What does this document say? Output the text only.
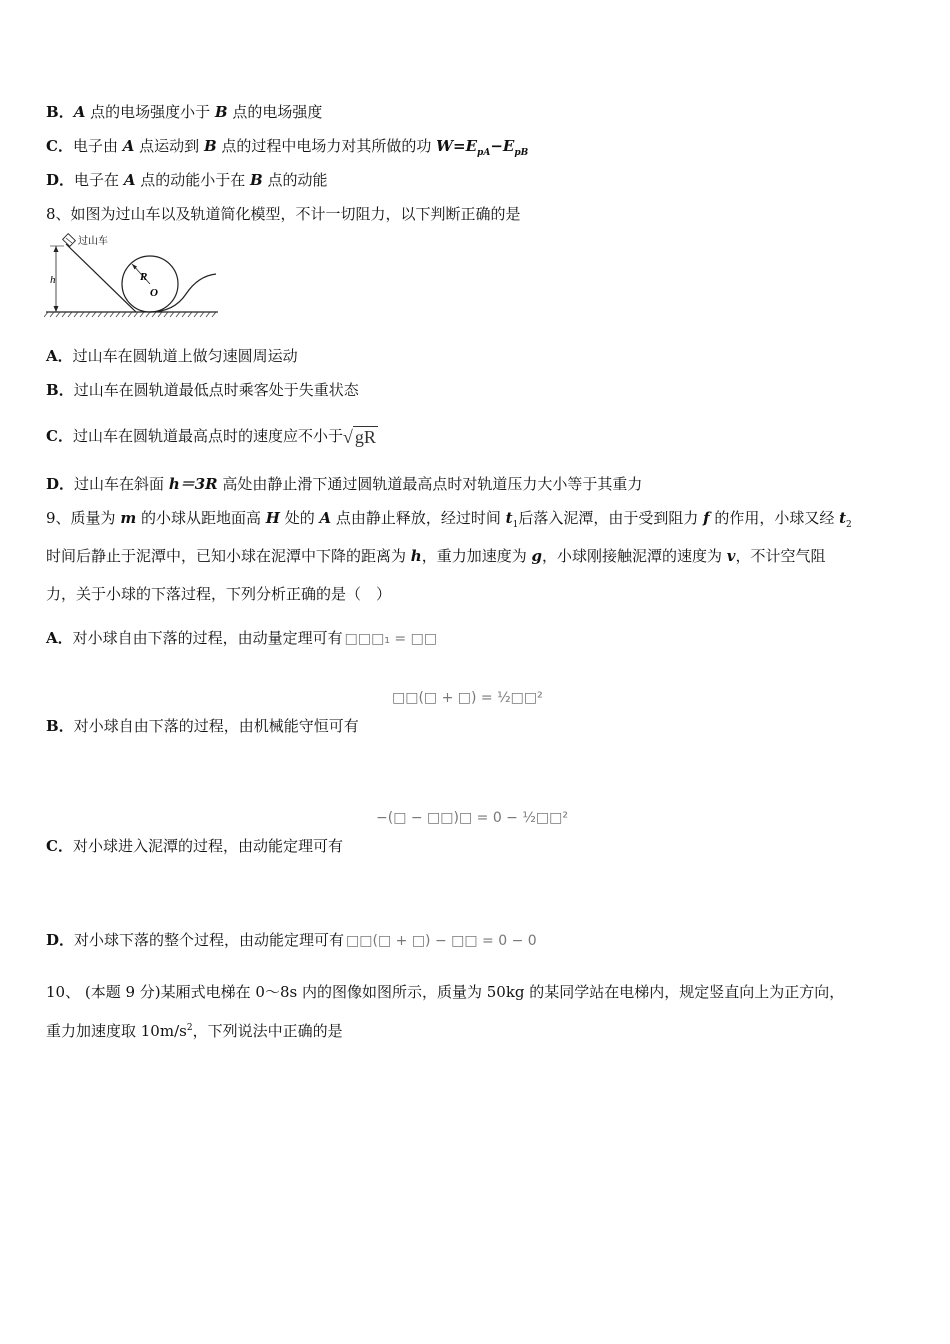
B．A 点的电场强度小于 B 点的电场强度
C．电子由 A 点运动到 B 点的过程中电场力对其所做的功 $W=E_{pA}-E_{pB}$
D．电子在 A 点的动能小于在 B 点的动能
8、如图为过山车以及轨道简化模型，不计一切阻力，以下判断正确的是
h
过山车
R
O
A．过山车在圆轨道上做匀速圆周运动
B．过山车在圆轨道最低点时乘客处于失重状态
C．过山车在圆轨道最高点时的速度应不小于√ gR
D．过山车在斜面 h＝3R 高处由静止滑下通过圆轨道最高点时对轨道压力大小等于其重力
9、质量为 m 的小球从距地面高 H 处的 A 点由静止释放，经过时间 $t_1$后落入泥潭，由于受到阻力 f 的作用，小球又经 $t_2$
时间后静止于泥潭中，已知小球在泥潭中下降的距离为 h，重力加速度为 g，小球刚接触泥潭的速度为 v，不计空气阻
力，关于小球的下落过程，下列分析正确的是（　）
A．对小球自由下落的过程，由动量定理可有 □□□₁ = □□
□□(□ + □) = ½□□²
B．对小球自由下落的过程，由机械能守恒可有
−(□ − □□)□ = 0 − ½□□²
C．对小球进入泥潭的过程，由动能定理可有
D．对小球下落的整个过程，由动能定理可有 □□(□ + □) − □□ = 0 − 0
10、 (本题 9 分)某厢式电梯在 0～8s 内的图像如图所示，质量为 50kg 的某同学站在电梯内，规定竖直向上为正方向，
重力加速度取 $10m/s^2$，下列说法中正确的是
